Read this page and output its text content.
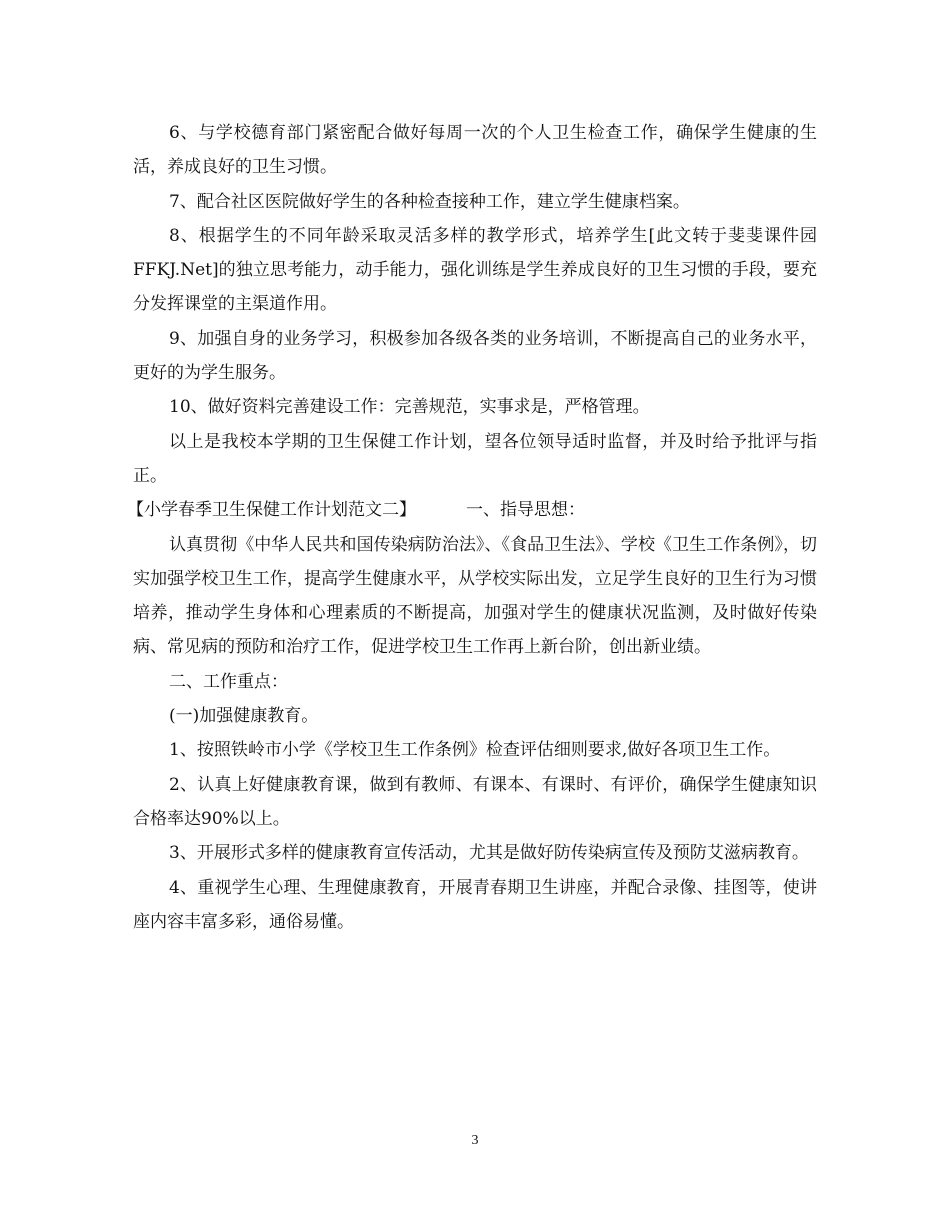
6、与学校德育部门紧密配合做好每周一次的个人卫生检查工作，确保学生健康的生活，养成良好的卫生习惯。

7、配合社区医院做好学生的各种检查接种工作，建立学生健康档案。

8、根据学生的不同年龄采取灵活多样的教学形式，培养学生[此文转于斐斐课件园FFKJ.Net]的独立思考能力，动手能力，强化训练是学生养成良好的卫生习惯的手段，要充分发挥课堂的主渠道作用。

9、加强自身的业务学习，积极参加各级各类的业务培训，不断提高自己的业务水平， 更好的为学生服务。

10、做好资料完善建设工作：完善规范，实事求是，严格管理。

以上是我校本学期的卫生保健工作计划，望各位领导适时监督，并及时给予批评与指正。

【小学春季卫生保健工作计划范文二】	一、指导思想：

认真贯彻《中华人民共和国传染病防治法》、《食品卫生法》、学校《卫生工作条例》，切实加强学校卫生工作，提高学生健康水平，从学校实际出发，立足学生良好的卫生行为习惯培养，推动学生身体和心理素质的不断提高，加强对学生的健康状况监测，及时做好传染病、常见病的预防和治疗工作，促进学校卫生工作再上新台阶，创出新业绩。

二、工作重点：

(一)加强健康教育。

1、按照铁岭市小学《学校卫生工作条例》检查评估细则要求,做好各项卫生工作。

2、认真上好健康教育课，做到有教师、有课本、有课时、有评价，确保学生健康知识合格率达90%以上。

3、开展形式多样的健康教育宣传活动，尤其是做好防传染病宣传及预防艾滋病教育。

4、重视学生心理、生理健康教育，开展青春期卫生讲座，并配合录像、挂图等，使讲座内容丰富多彩，通俗易懂。

3
